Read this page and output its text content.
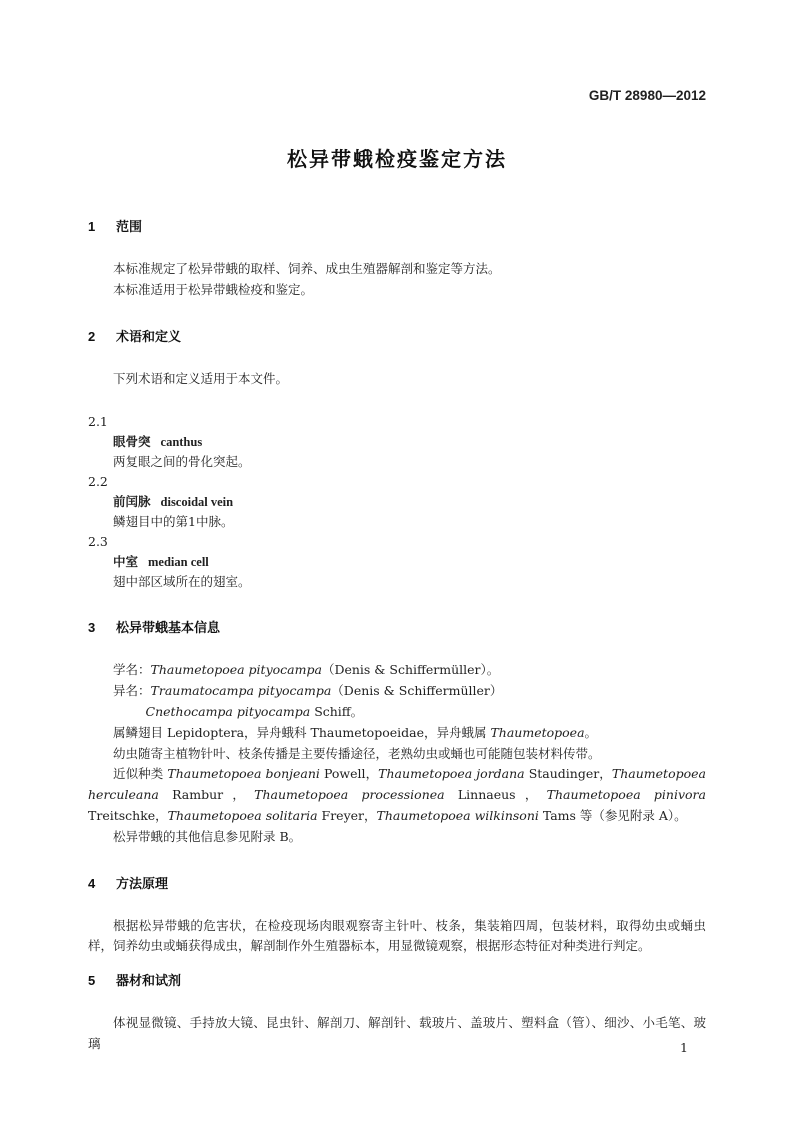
GB/T 28980—2012
松异带蛾检疫鉴定方法
1 范围

本标准规定了松异带蛾的取样、饲养、成虫生殖器解剖和鉴定等方法。

本标准适用于松异带蛾检疫和鉴定。

2 术语和定义

下列术语和定义适用于本文件。

2.1
眼骨突 canthus
两复眼之间的骨化突起。
2.2
前闰脉 discoidal vein
鳞翅目中的第1中脉。
2.3
中室 median cell
翅中部区域所在的翅室。
3 松异带蛾基本信息

学名：Thaumetopoea pityocampa（Denis & Schiffermüller）。

异名：Traumatocampa pityocampa（Denis & Schiffermüller）

Cnethocampa pityocampa Schiff。

属鳞翅目 Lepidoptera，异舟蛾科 Thaumetopoeidae，异舟蛾属 Thaumetopoea。

幼虫随寄主植物针叶、枝条传播是主要传播途径，老熟幼虫或蛹也可能随包装材料传带。

近似种类 Thaumetopoea bonjeani Powell，Thaumetopoea jordana Staudinger，Thaumetopoea herculeana Rambur，Thaumetopoea processionea Linnaeus，Thaumetopoea pinivora Treitschke，Thaumetopoea solitaria Freyer，Thaumetopoea wilkinsoni Tams 等（参见附录 A）。

松异带蛾的其他信息参见附录 B。

4 方法原理

根据松异带蛾的危害状，在检疫现场肉眼观察寄主针叶、枝条，集装箱四周，包装材料，取得幼虫或蛹虫样，饲养幼虫或蛹获得成虫，解剖制作外生殖器标本，用显微镜观察，根据形态特征对种类进行判定。

5 器材和试剂

体视显微镜、手持放大镜、昆虫针、解剖刀、解剖针、载玻片、盖玻片、塑料盒（管）、细沙、小毛笔、玻璃	1
